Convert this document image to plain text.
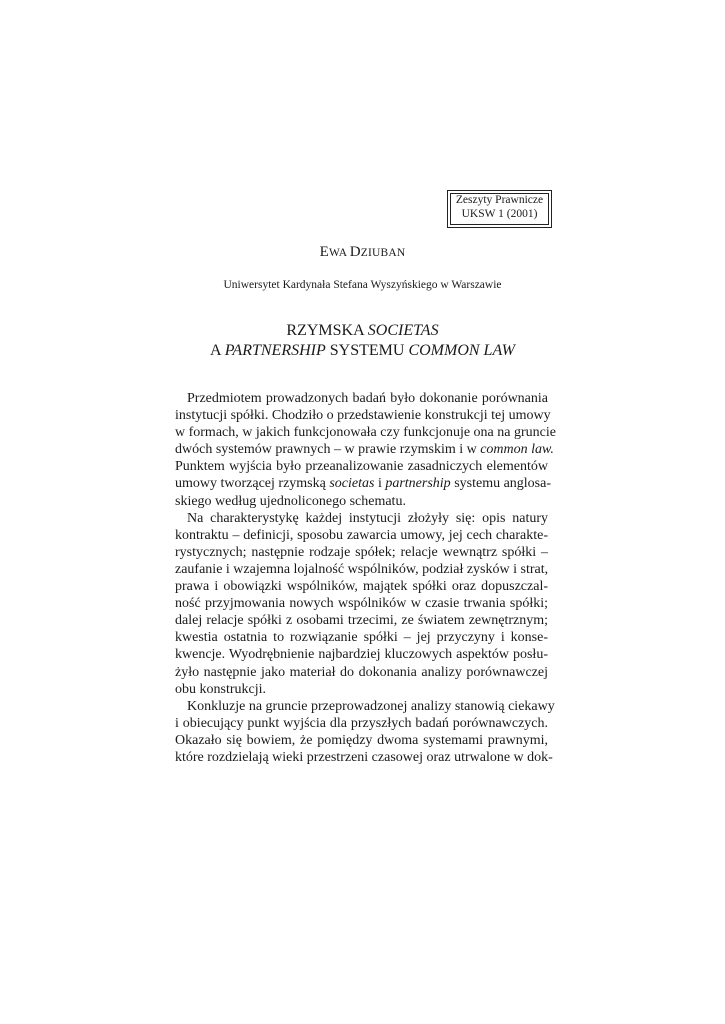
Zeszyty Prawnicze
UKSW 1 (2001)
EWA DZIUBAN
Uniwersytet Kardynała Stefana Wyszyńskiego w Warszawie
RZYMSKA SOCIETAS
A PARTNERSHIP SYSTEMU COMMON LAW
Przedmiotem prowadzonych badań było dokonanie porównania
instytucji spółki. Chodziło o przedstawienie konstrukcji tej umowy
w formach, w jakich funkcjonowała czy funkcjonuje ona na gruncie
dwóch systemów prawnych – w prawie rzymskim i w common law.
Punktem wyjścia było przeanalizowanie zasadniczych elementów
umowy tworzącej rzymską societas i partnership systemu anglosa-
skiego według ujednoliconego schematu.
Na charakterystykę każdej instytucji złożyły się: opis natury
kontraktu – definicji, sposobu zawarcia umowy, jej cech charakte-
rystycznych; następnie rodzaje spółek; relacje wewnątrz spółki –
zaufanie i wzajemna lojalność wspólników, podział zysków i strat,
prawa i obowiązki wspólników, majątek spółki oraz dopuszczal-
ność przyjmowania nowych wspólników w czasie trwania spółki;
dalej relacje spółki z osobami trzecimi, ze światem zewnętrznym;
kwestia ostatnia to rozwiązanie spółki – jej przyczyny i konse-
kwencje. Wyodrębnienie najbardziej kluczowych aspektów posłu-
żyło następnie jako materiał do dokonania analizy porównawczej
obu konstrukcji.
Konkluzje na gruncie przeprowadzonej analizy stanowią ciekawy
i obiecujący punkt wyjścia dla przyszłych badań porównawczych.
Okazało się bowiem, że pomiędzy dwoma systemami prawnymi,
które rozdzielają wieki przestrzeni czasowej oraz utrwalone w dok-
